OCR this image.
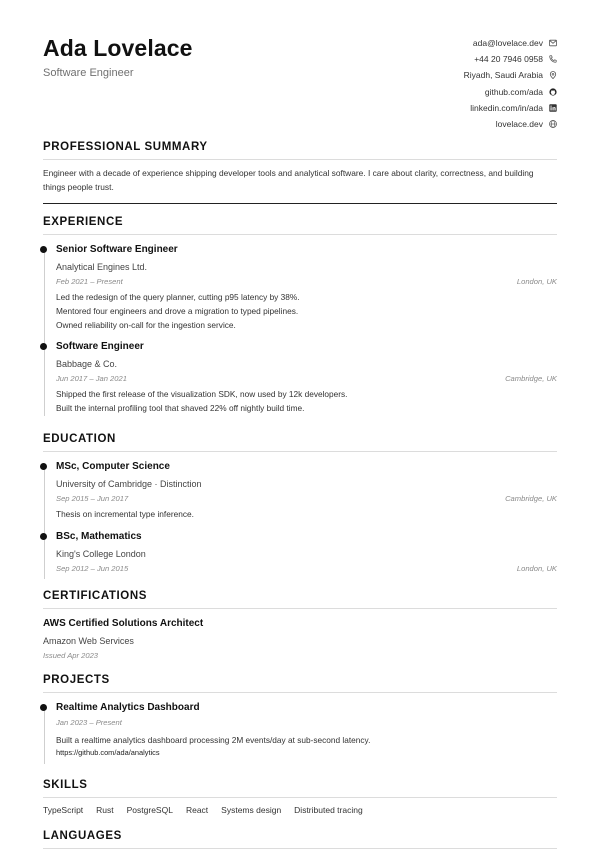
Ada Lovelace
Software Engineer
ada@lovelace.dev
+44 20 7946 0958
Riyadh, Saudi Arabia
github.com/ada
linkedin.com/in/ada
lovelace.dev
PROFESSIONAL SUMMARY
Engineer with a decade of experience shipping developer tools and analytical software. I care about clarity, correctness, and building things people trust.
EXPERIENCE
Senior Software Engineer
Analytical Engines Ltd.
Feb 2021 – Present	London, UK
Led the redesign of the query planner, cutting p95 latency by 38%.
Mentored four engineers and drove a migration to typed pipelines.
Owned reliability on-call for the ingestion service.
Software Engineer
Babbage & Co.
Jun 2017 – Jan 2021	Cambridge, UK
Shipped the first release of the visualization SDK, now used by 12k developers.
Built the internal profiling tool that shaved 22% off nightly build time.
EDUCATION
MSc, Computer Science
University of Cambridge · Distinction
Sep 2015 – Jun 2017	Cambridge, UK
Thesis on incremental type inference.
BSc, Mathematics
King's College London
Sep 2012 – Jun 2015	London, UK
CERTIFICATIONS
AWS Certified Solutions Architect
Amazon Web Services
Issued Apr 2023
PROJECTS
Realtime Analytics Dashboard
Jan 2023 – Present
Built a realtime analytics dashboard processing 2M events/day at sub-second latency.
https://github.com/ada/analytics
SKILLS
TypeScript Rust PostgreSQL React Systems design Distributed tracing
LANGUAGES
